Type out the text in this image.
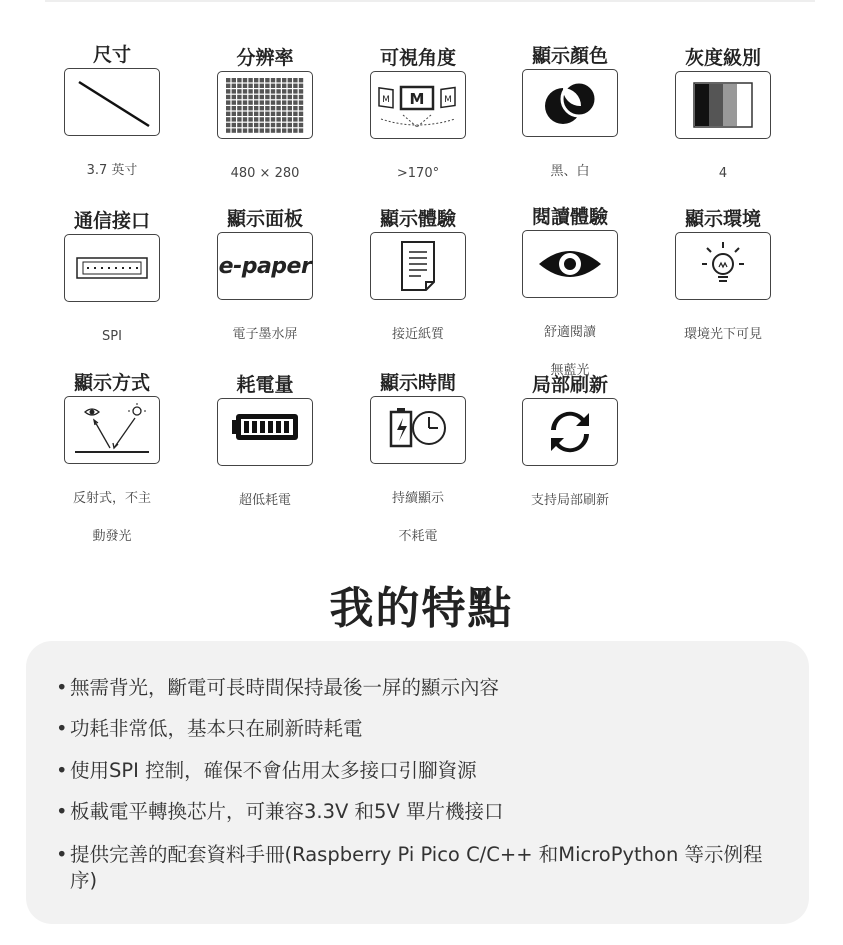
尺寸

3.7 英寸

分辨率

480 × 280

可視角度
M
M	M

>170°

顯示顏色

黑、白

灰度級別

4

通信接口

SPI

顯示面板
e-paper

電子墨水屏

顯示體驗

接近紙質

閱讀體驗

舒適閱讀

無藍光

顯示環境

環境光下可見

顯示方式

反射式，不主

動發光

耗電量

超低耗電

顯示時間

持續顯示

不耗電

局部刷新

支持局部刷新

我的特點
• 無需背光，斷電可長時間保持最後一屏的顯示內容
• 功耗非常低，基本只在刷新時耗電
• 使用SPI 控制，確保不會佔用太多接口引腳資源
• 板載電平轉換芯片，可兼容3.3V 和5V 單片機接口
• 提供完善的配套資料手冊(Raspberry Pi Pico C/C++ 和MicroPython 等示例程序)
